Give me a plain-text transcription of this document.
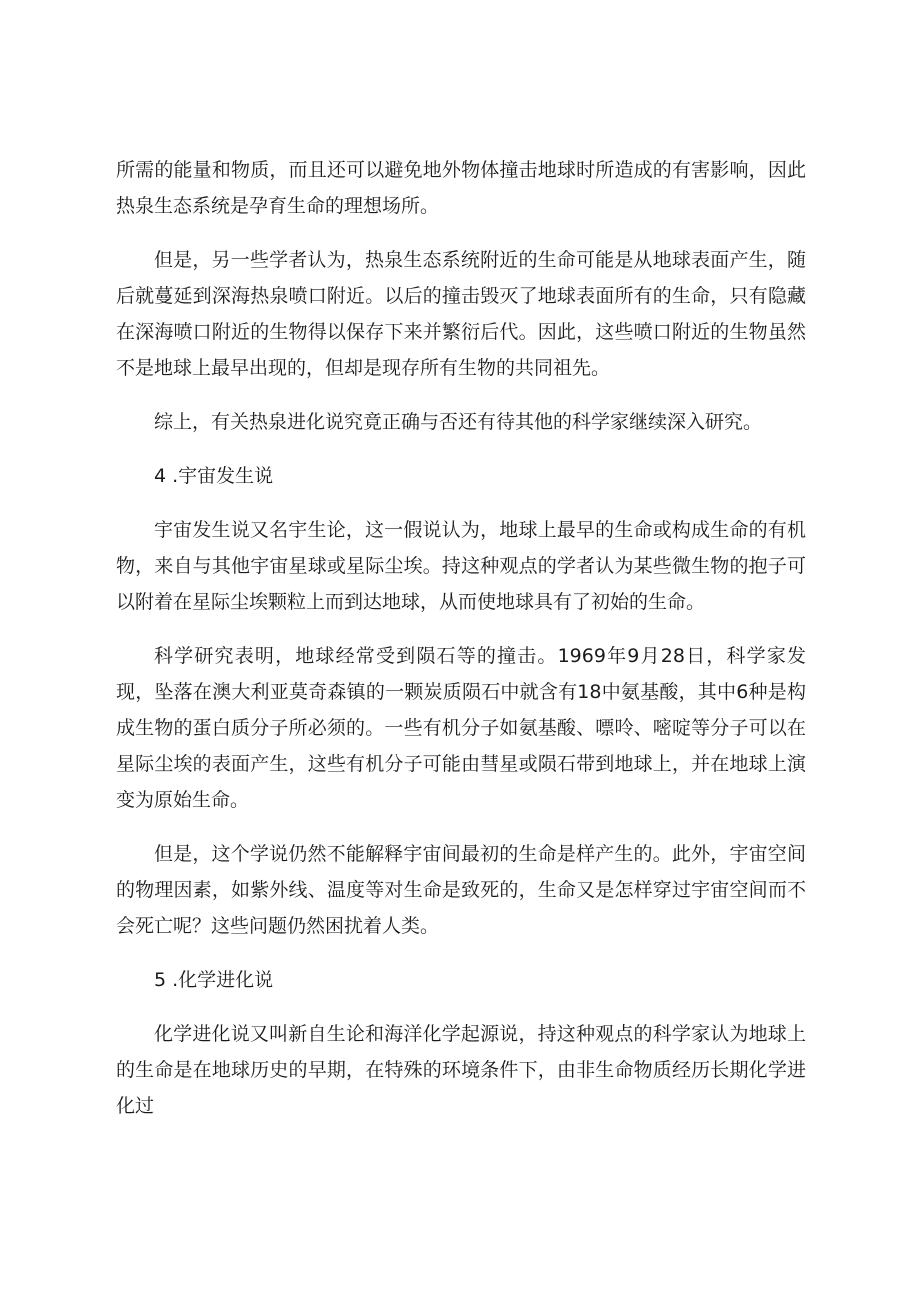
所需的能量和物质，而且还可以避免地外物体撞击地球时所造成的有害影响，因此热泉生态系统是孕育生命的理想场所。

但是，另一些学者认为，热泉生态系统附近的生命可能是从地球表面产生，随后就蔓延到深海热泉喷口附近。以后的撞击毁灭了地球表面所有的生命，只有隐藏在深海喷口附近的生物得以保存下来并繁衍后代。因此，这些喷口附近的生物虽然不是地球上最早出现的，但却是现存所有生物的共同祖先。

综上，有关热泉进化说究竟正确与否还有待其他的科学家继续深入研究。

4 .宇宙发生说

宇宙发生说又名宇生论，这一假说认为，地球上最早的生命或构成生命的有机物，来自与其他宇宙星球或星际尘埃。持这种观点的学者认为某些微生物的抱子可以附着在星际尘埃颗粒上而到达地球，从而使地球具有了初始的生命。

科学研究表明，地球经常受到陨石等的撞击。1969年9月28日，科学家发现，坠落在澳大利亚莫奇森镇的一颗炭质陨石中就含有18中氨基酸，其中6种是构成生物的蛋白质分子所必须的。一些有机分子如氨基酸、嘌呤、嘧啶等分子可以在星际尘埃的表面产生，这些有机分子可能由彗星或陨石带到地球上，并在地球上演变为原始生命。

但是，这个学说仍然不能解释宇宙间最初的生命是样产生的。此外，宇宙空间的物理因素，如紫外线、温度等对生命是致死的，生命又是怎样穿过宇宙空间而不会死亡呢？这些问题仍然困扰着人类。

5 .化学进化说

化学进化说又叫新自生论和海洋化学起源说，持这种观点的科学家认为地球上的生命是在地球历史的早期，在特殊的环境条件下，由非生命物质经历长期化学进化过
